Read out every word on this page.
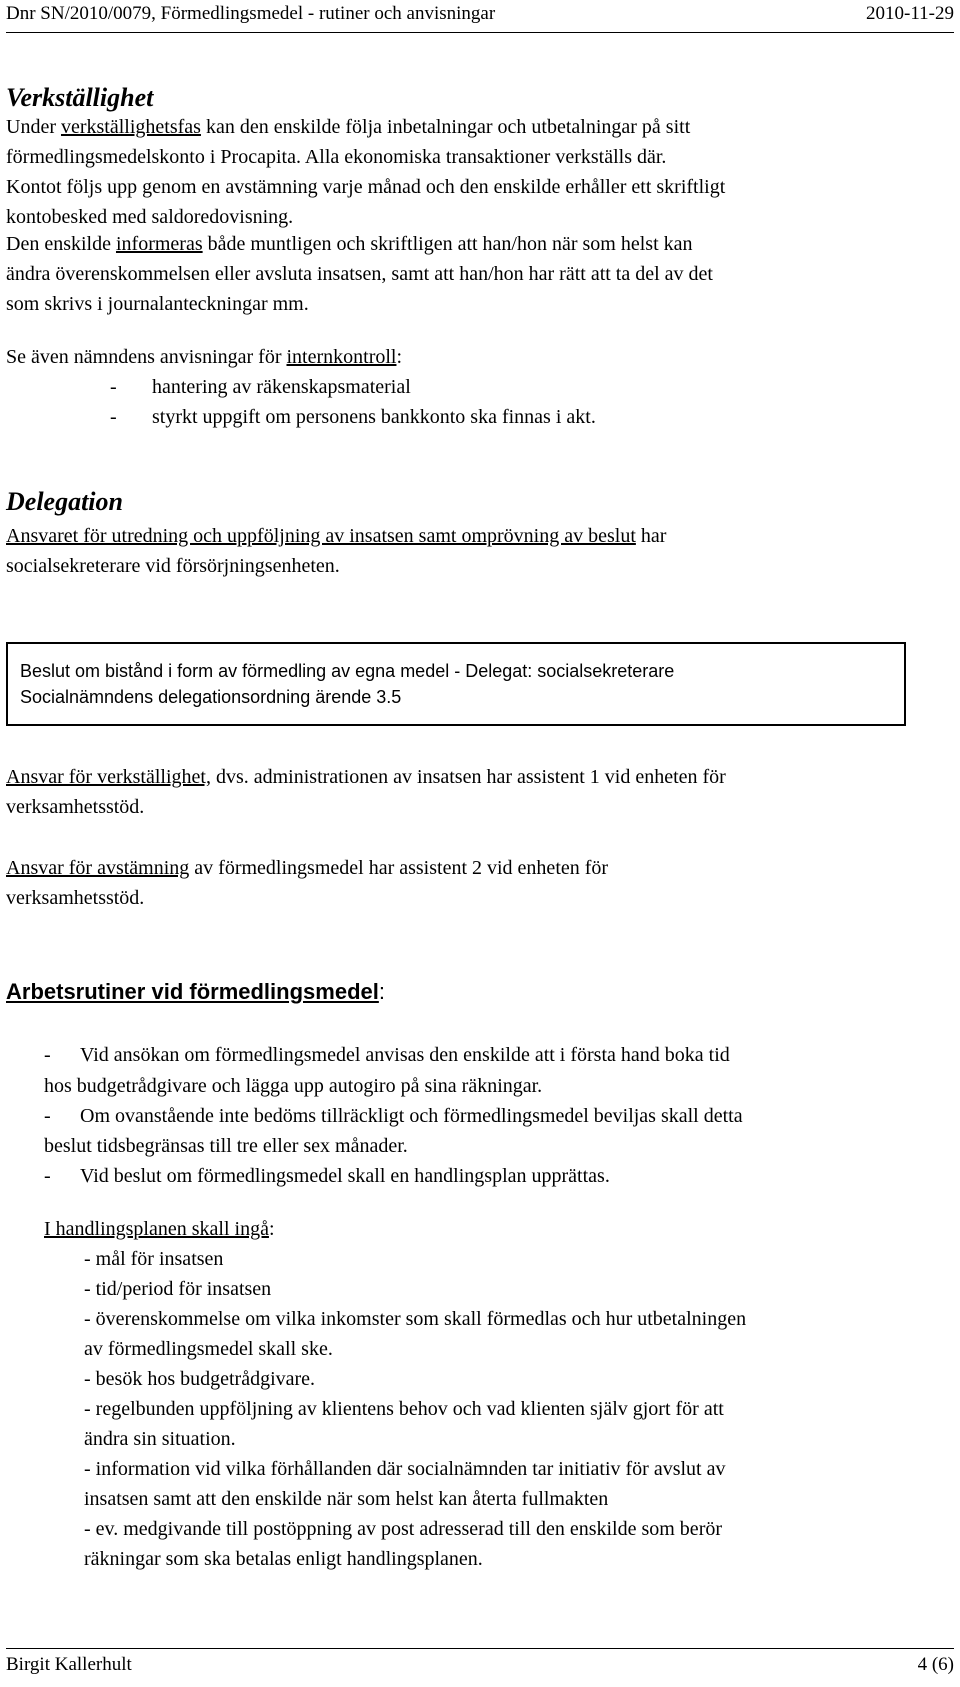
Dnr SN/2010/0079, Förmedlingsmedel - rutiner och anvisningar	2010-11-29
Verkställighet

Under verkställighetsfas kan den enskilde följa inbetalningar och utbetalningar på sitt

förmedlingsmedelskonto i Procapita. Alla ekonomiska transaktioner verkställs där.

Kontot följs upp genom en avstämning varje månad och den enskilde erhåller ett skriftligt

kontobesked med saldoredovisning.

Den enskilde informeras både muntligen och skriftligen att han/hon när som helst kan

ändra överenskommelsen eller avsluta insatsen, samt att han/hon har rätt att ta del av det

som skrivs i journalanteckningar mm.

Se även nämndens anvisningar för internkontroll:

- hantering av räkenskapsmaterial

- styrkt uppgift om personens bankkonto ska finnas i akt.

Delegation

Ansvaret för utredning och uppföljning av insatsen samt omprövning av beslut har

socialsekreterare vid försörjningsenheten.

Beslut om bistånd i form av förmedling av egna medel - Delegat: socialsekreterare
Socialnämndens delegationsordning ärende 3.5

Ansvar för verkställighet, dvs. administrationen av insatsen har assistent 1 vid enheten för

verksamhetsstöd.

Ansvar för avstämning av förmedlingsmedel har assistent 2 vid enheten för

verksamhetsstöd.

Arbetsrutiner vid förmedlingsmedel:

- Vid ansökan om förmedlingsmedel anvisas den enskilde att i första hand boka tid

hos budgetrådgivare och lägga upp autogiro på sina räkningar.

- Om ovanstående inte bedöms tillräckligt och förmedlingsmedel beviljas skall detta

beslut tidsbegränsas till tre eller sex månader.

- Vid beslut om förmedlingsmedel skall en handlingsplan upprättas.

I handlingsplanen skall ingå:

- mål för insatsen

- tid/period för insatsen

- överenskommelse om vilka inkomster som skall förmedlas och hur utbetalningen

av förmedlingsmedel skall ske.

- besök hos budgetrådgivare.

- regelbunden uppföljning av klientens behov och vad klienten själv gjort för att

ändra sin situation.

- information vid vilka förhållanden där socialnämnden tar initiativ för avslut av

insatsen samt att den enskilde när som helst kan återta fullmakten

- ev. medgivande till postöppning av post adresserad till den enskilde som berör

räkningar som ska betalas enligt handlingsplanen.

Birgit Kallerhult	4 (6)
